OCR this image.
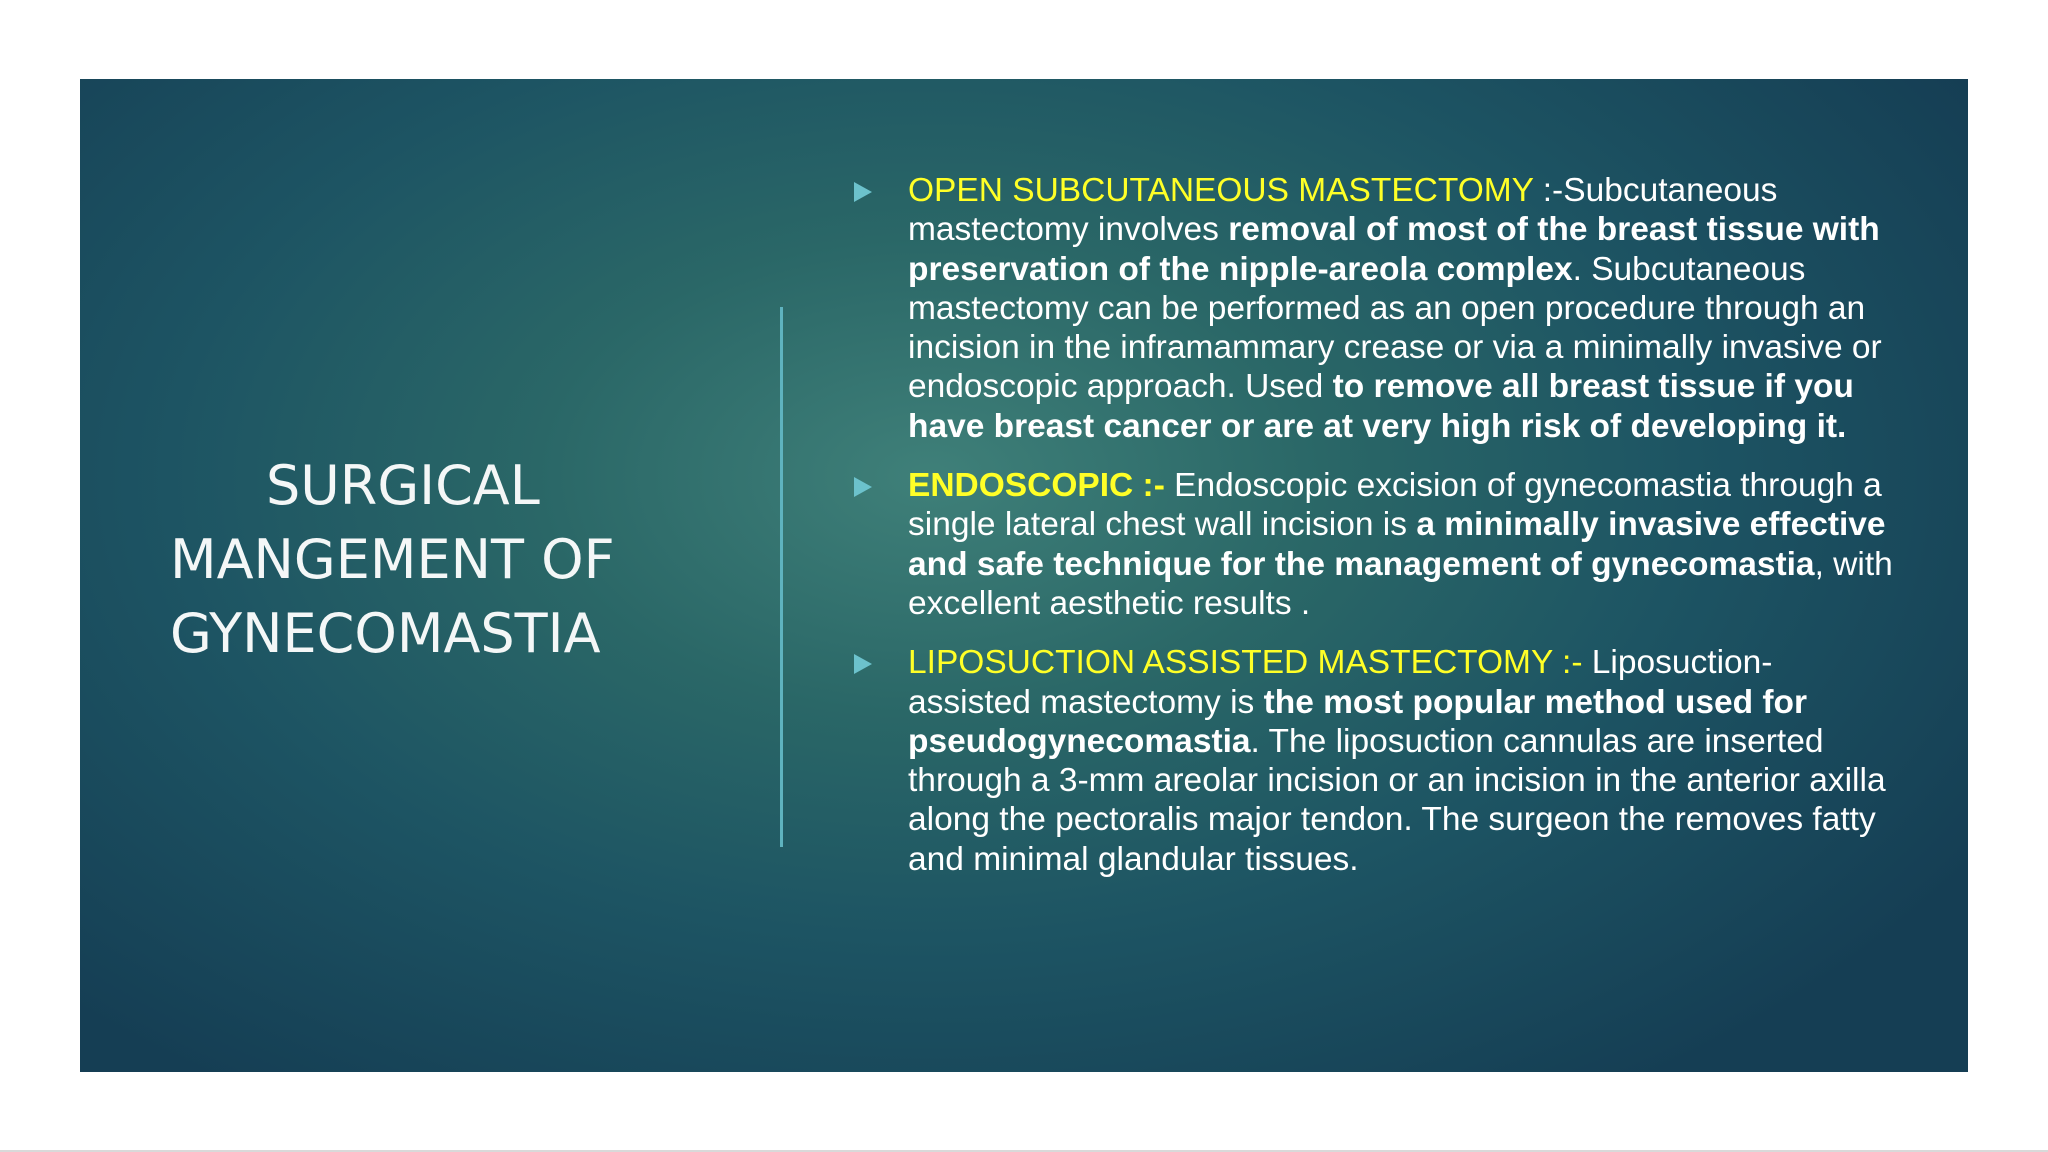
SURGICAL
MANGEMENT OF
GYNECOMASTIA
OPEN SUBCUTANEOUS MASTECTOMY :-Subcutaneous mastectomy involves removal of most of the breast tissue with preservation of the nipple-areola complex. Subcutaneous mastectomy can be performed as an open procedure through an incision in the inframammary crease or via a minimally invasive or endoscopic approach. Used to remove all breast tissue if you have breast cancer or are at very high risk of developing it.
ENDOSCOPIC :- Endoscopic excision of gynecomastia through a single lateral chest wall incision is a minimally invasive effective and safe technique for the management of gynecomastia, with excellent aesthetic results .
LIPOSUCTION ASSISTED MASTECTOMY :- Liposuction-assisted mastectomy is the most popular method used for pseudogynecomastia. The liposuction cannulas are inserted through a 3-mm areolar incision or an incision in the anterior axilla along the pectoralis major tendon. The surgeon the removes fatty and minimal glandular tissues.
